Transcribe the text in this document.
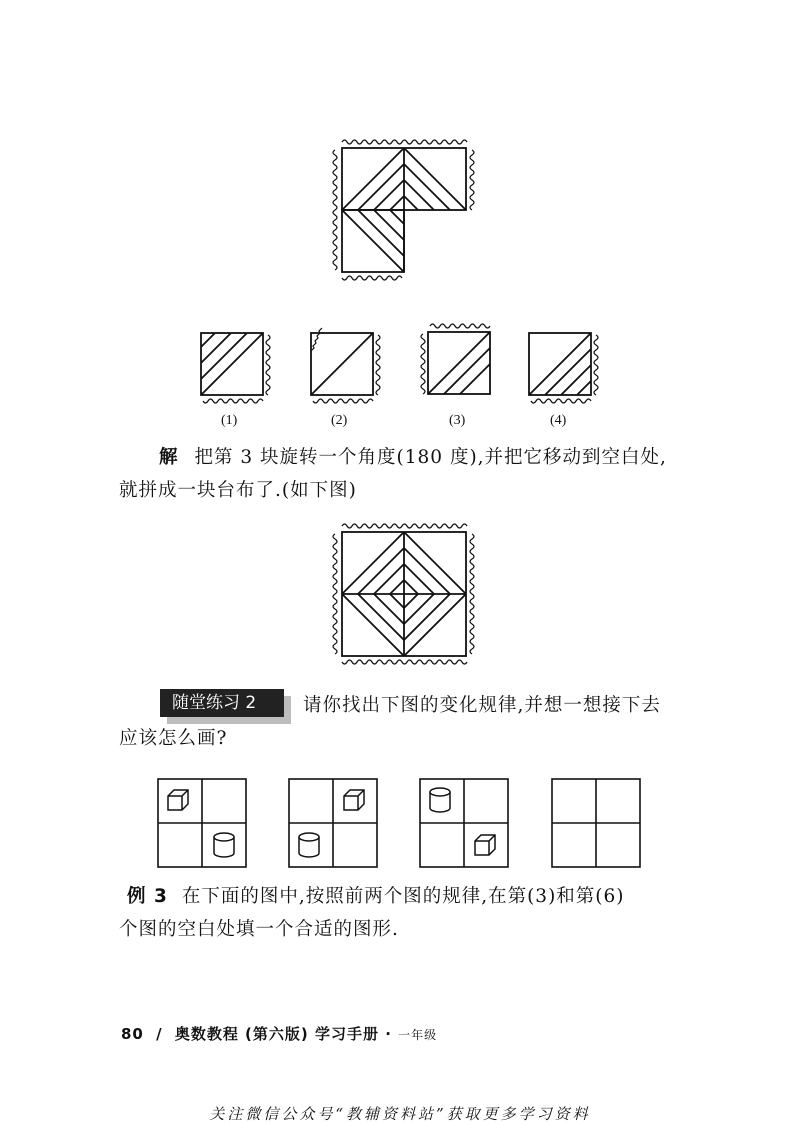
(1)	(2)	(3)	(4)
解 把第 3 块旋转一个角度(180 度),并把它移动到空白处,
就拼成一块台布了.(如下图)
随堂练习 2	请你找出下图的变化规律,并想一想接下去
应该怎么画?
例 3 在下面的图中,按照前两个图的规律,在第(3)和第(6)
个图的空白处填一个合适的图形.
80 / 奥数教程 (第六版) 学习手册 · 一年级
关注微信公众号“教辅资料站”获取更多学习资料
